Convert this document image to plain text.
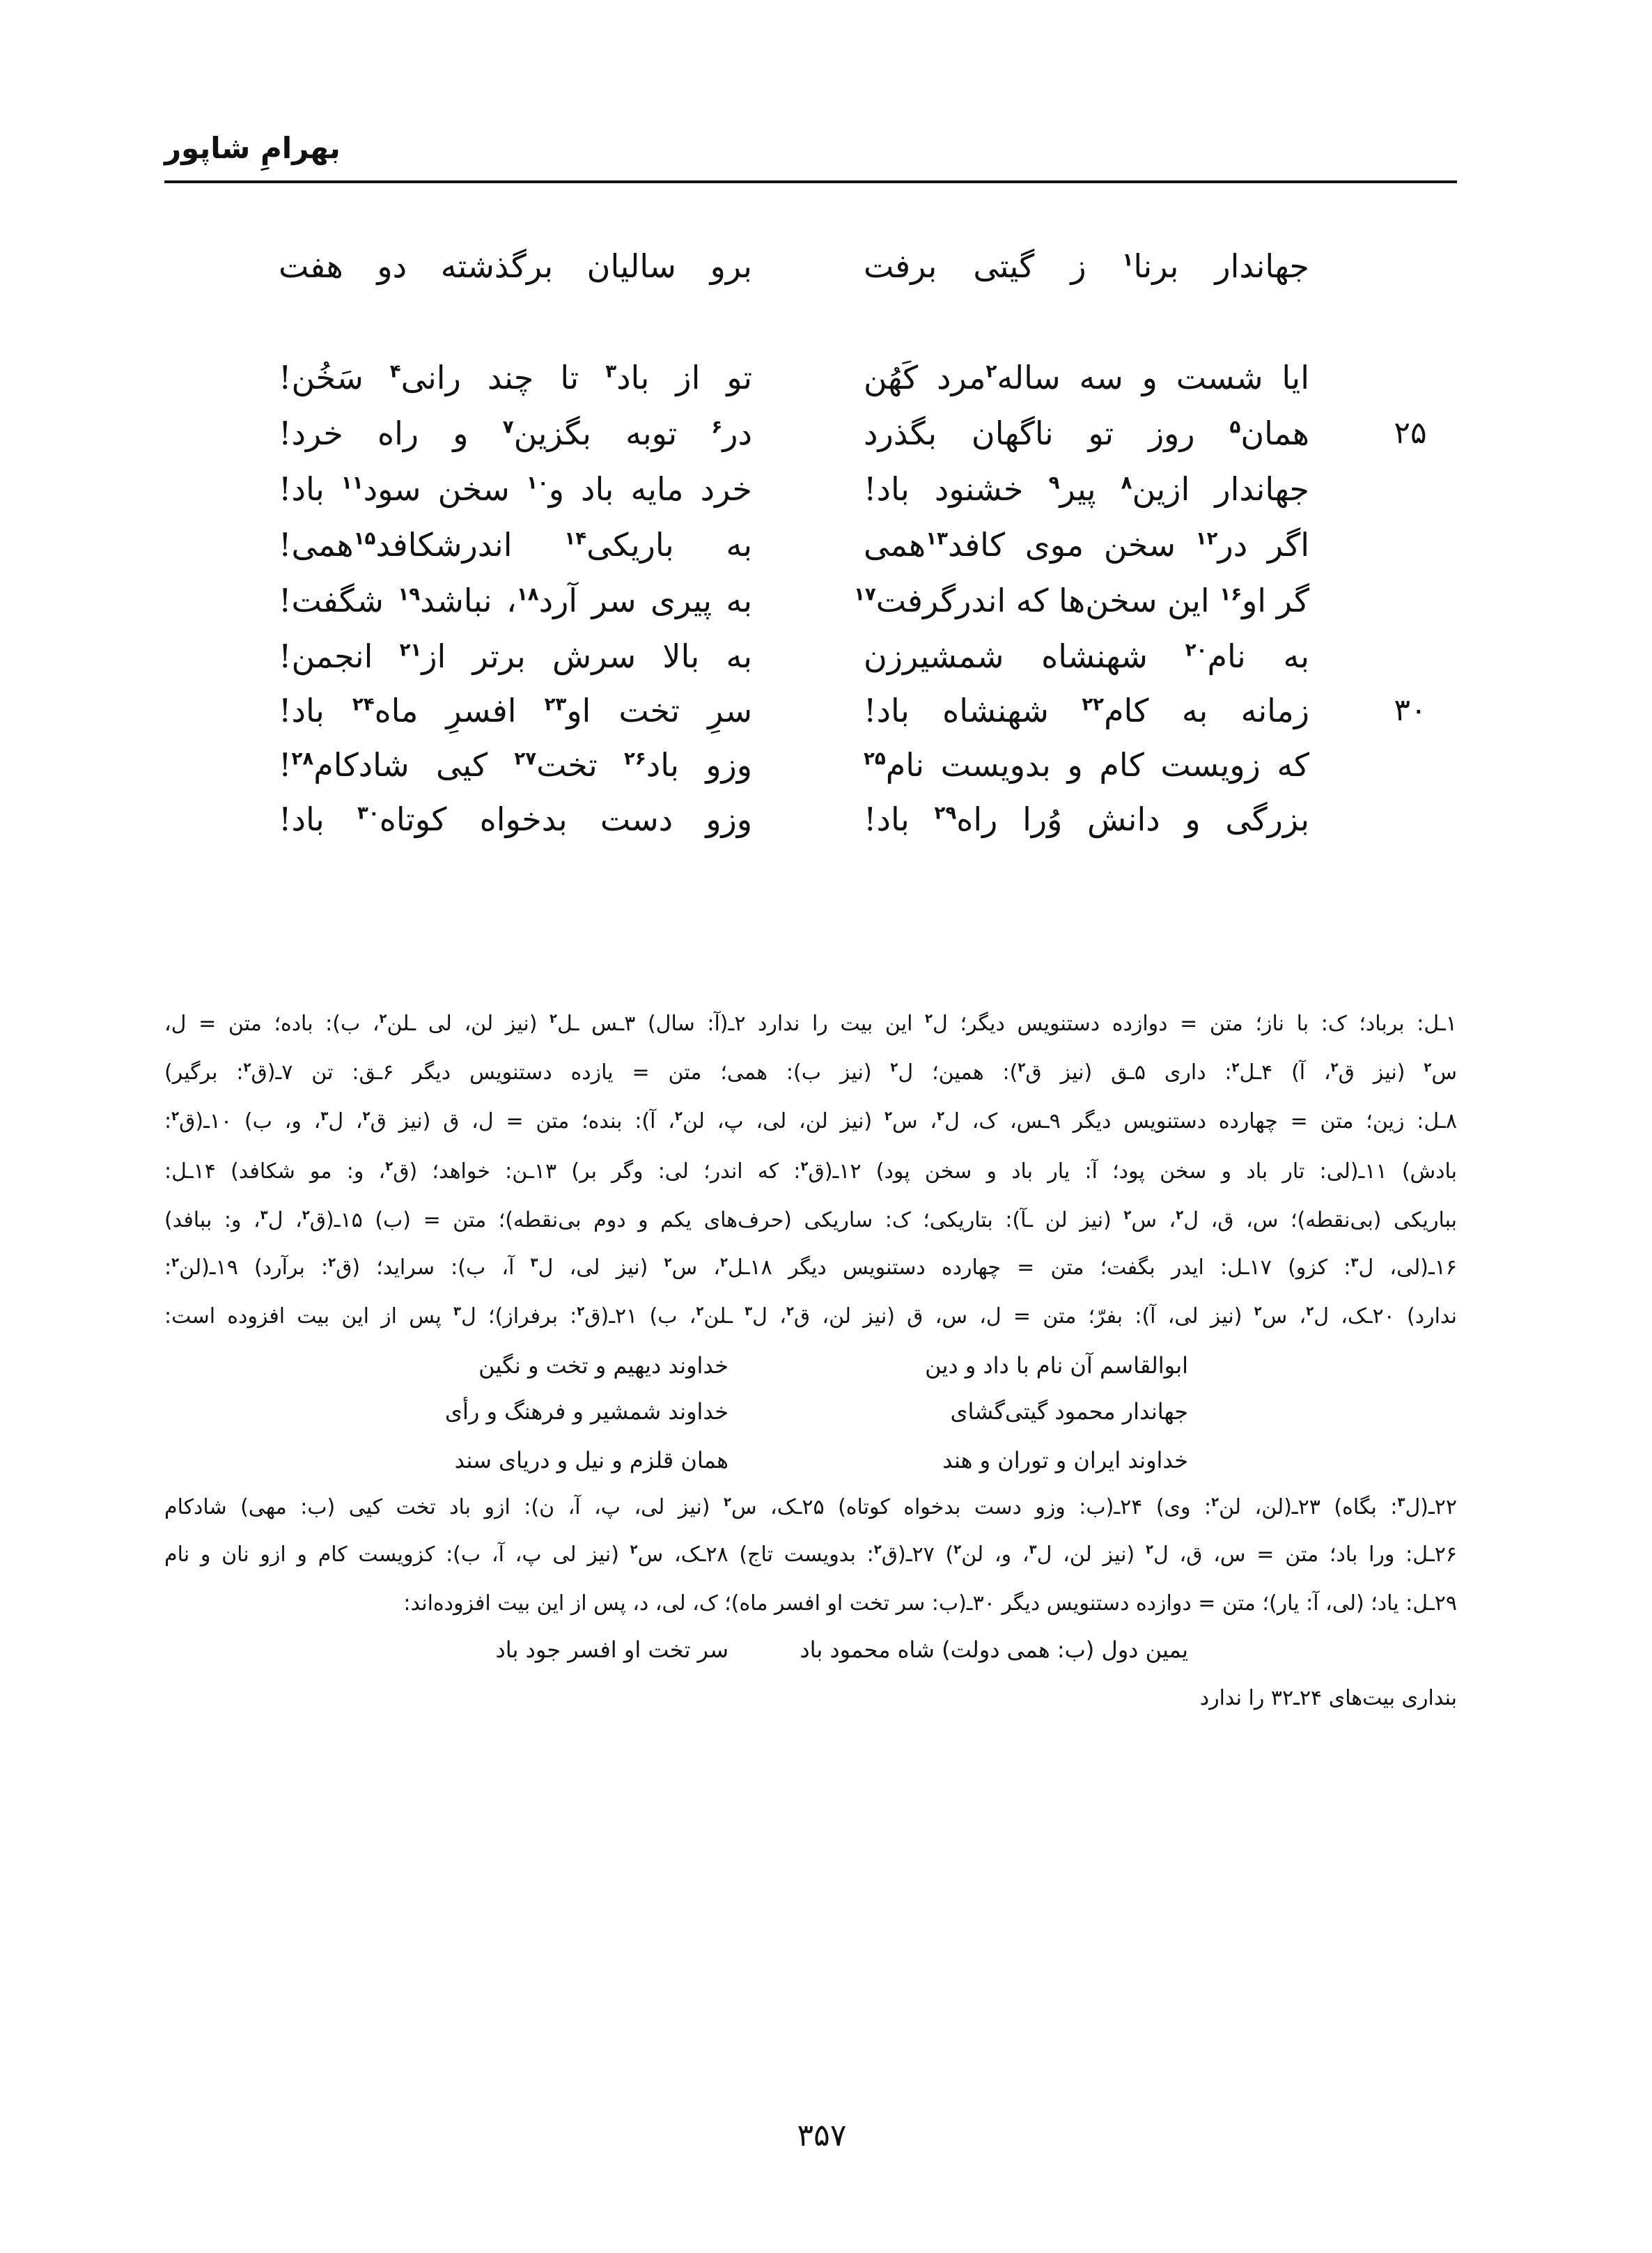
بهرامِ شاپور
جهاندار برنا$^۱$ ز گیتی برفت
برو سالیان برگذشته دو هفت
ایا شست و سه ساله$^۲$مرد کَهُن
تو از باد$^۳$ تا چند رانی$^۴$ سَخُن!
همان$^۵$ روز تو ناگهان بگذرد
در$^۶$ توبه بگزین$^۷$ و راه خرد!	۲۵
جهاندار ازین$^۸$ پیر$^۹$ خشنود باد!
خرد مایه باد و$^{۱۰}$ سخن سود$^{۱۱}$ باد!
اگر در$^{۱۲}$ سخن موی کافد$^{۱۳}$همی
به باریکی$^{۱۴}$ اندرشکافد$^{۱۵}$همی!
گر او$^{۱۶}$ این سخن‌ها که اندرگرفت$^{۱۷}$
به پیری سر آرد$^{۱۸}$، نباشد$^{۱۹}$ شگفت!
به نام$^{۲۰}$ شهنشاه شمشیرزن
به بالا سرش برتر از$^{۲۱}$ انجمن!
زمانه به کام$^{۲۲}$ شهنشاه باد!
سرِ تخت او$^{۲۳}$ افسرِ ماه$^{۲۴}$ باد!	۳۰
که زویست کام و بدویست نام$^{۲۵}$
وزو باد$^{۲۶}$ تخت$^{۲۷}$ کیی شادکام$^{۲۸}$!
بزرگی و دانش وُرا راه$^{۲۹}$ باد!
وزو دست بدخواه کوتاه$^{۳۰}$ باد!
۱ـل: برباد؛ ک: با ناز؛ متن = دوازده دستنویس دیگر؛ ل$^۲$ این بیت را ندارد ۲ـ(آ: سال) ۳ـس ـل$^۲$ (نیز لن، لی ـلن$^۲$، ب): باده؛ متن = ل،
س$^۲$ (نیز ق$^۲$، آ) ۴ـل$^۲$: داری ۵ـق (نیز ق$^۲$): همین؛ ل$^۲$ (نیز ب): همی؛ متن = یازده دستنویس دیگر ۶ـق: تن ۷ـ(ق$^۲$: برگیر)
۸ـل: زین؛ متن = چهارده دستنویس دیگر ۹ـس، ک، ل$^۲$، س$^۲$ (نیز لن، لی، پ، لن$^۲$، آ): بنده؛ متن = ل، ق (نیز ق$^۲$، ل$^۳$، و، ب) ۱۰ـ(ق$^۲$:
بادش) ۱۱ـ(لی: تار باد و سخن پود؛ آ: یار باد و سخن پود) ۱۲ـ(ق$^۲$: که اندر؛ لی: وگر بر) ۱۳ـن: خواهد؛ (ق$^۲$، و: مو شکافد) ۱۴ـل:
بباریکی (بی‌نقطه)؛ س، ق، ل$^۲$، س$^۲$ (نیز لن ـآ): بتاریکی؛ ک: ساریکی (حرف‌های یکم و دوم بی‌نقطه)؛ متن = (ب) ۱۵ـ(ق$^۲$، ل$^۳$، و: ببافد)
۱۶ـ(لی، ل$^۳$: کزو) ۱۷ـل: ایدر بگفت؛ متن = چهارده دستنویس دیگر ۱۸ـل$^۲$، س$^۲$ (نیز لی، ل$^۳$ آ، ب): سراید؛ (ق$^۲$: برآرد) ۱۹ـ(لن$^۲$:
ندارد) ۲۰ـک، ل$^۲$، س$^۲$ (نیز لی، آ): بفرّ؛ متن = ل، س، ق (نیز لن، ق$^۲$، ل$^۳$ ـلن$^۲$، ب) ۲۱ـ(ق$^۲$: برفراز)؛ ل$^۳$ پس از این بیت افزوده است:
ابوالقاسم آن نام با داد و دین
خداوند دیهیم و تخت و نگین
جهاندار محمود گیتی‌گشای
خداوند شمشیر و فرهنگ و رأی
خداوند ایران و توران و هند
همان قلزم و نیل و دریای سند
۲۲ـ(ل$^۳$: بگاه) ۲۳ـ(لن، لن$^۲$: وی) ۲۴ـ(ب: وزو دست بدخواه کوتاه) ۲۵ـک، س$^۲$ (نیز لی، پ، آ، ن): ازو باد تخت کیی (ب: مهی) شادکام
۲۶ـل: ورا باد؛ متن = س، ق، ل$^۲$ (نیز لن، ل$^۳$، و، لن$^۲$) ۲۷ـ(ق$^۲$: بدویست تاج) ۲۸ـک، س$^۲$ (نیز لی پ، آ، ب): کزویست کام و ازو نان و نام
۲۹ـل: یاد؛ (لی، آ: یار)؛ متن = دوازده دستنویس دیگر ۳۰ـ(ب: سر تخت او افسر ماه)؛ ک، لی، د، پس از این بیت افزوده‌اند:
یمین دول (ب: همی دولت) شاه محمود باد
سر تخت او افسر جود باد
بنداری بیت‌های ۲۴ـ۳۲ را ندارد
۳۵۷
